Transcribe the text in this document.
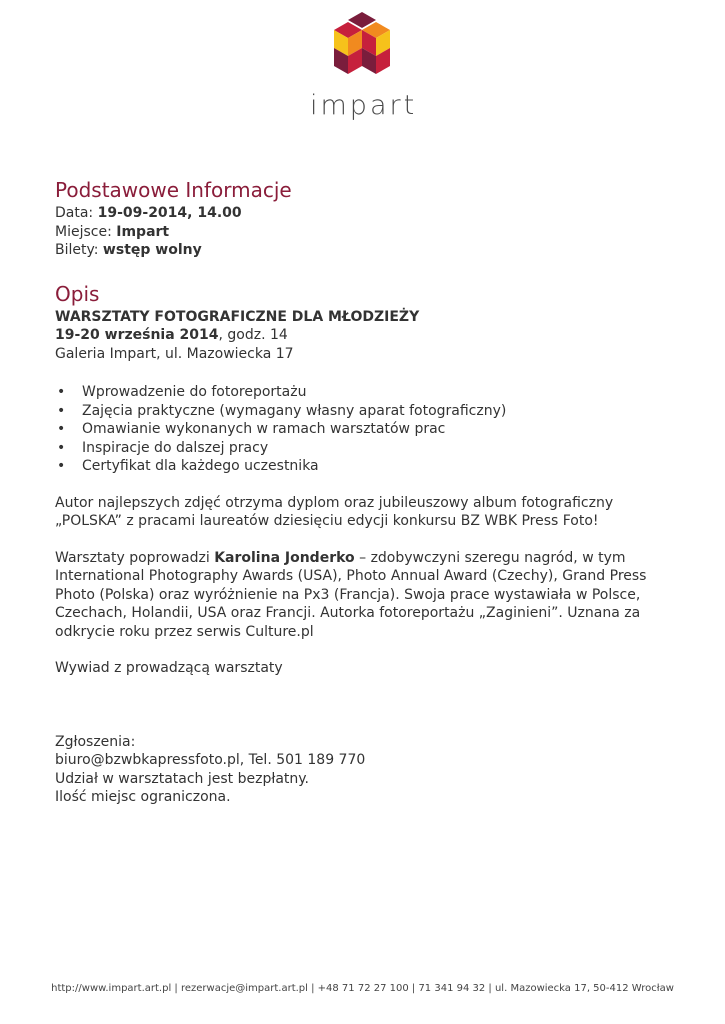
impart
Podstawowe Informacje
Data: 19-09-2014, 14.00
Miejsce: Impart
Bilety: wstęp wolny
Opis
WARSZTATY FOTOGRAFICZNE DLA MŁODZIEŻY
19-20 września 2014, godz. 14
Galeria Impart, ul. Mazowiecka 17
• Wprowadzenie do fotoreportażu
• Zajęcia praktyczne (wymagany własny aparat fotograficzny)
• Omawianie wykonanych w ramach warsztatów prac
• Inspiracje do dalszej pracy
• Certyfikat dla każdego uczestnika

Autor najlepszych zdjęć otrzyma dyplom oraz jubileuszowy album fotograficzny „POLSKA” z pracami laureatów dziesięciu edycji konkursu BZ WBK Press Foto!

Warsztaty poprowadzi Karolina Jonderko – zdobywczyni szeregu nagród, w tym International Photography Awards (USA), Photo Annual Award (Czechy), Grand Press Photo (Polska) oraz wyróżnienie na Px3 (Francja). Swoja prace wystawiała w Polsce, Czechach, Holandii, USA oraz Francji. Autorka fotoreportażu „Zaginieni”. Uznana za odkrycie roku przez serwis Culture.pl

Wywiad z prowadzącą warsztaty

Zgłoszenia:

biuro@bzwbkapressfoto.pl, Tel. 501 189 770

Udział w warsztatach jest bezpłatny.

Ilość miejsc ograniczona.

http://www.impart.art.pl | rezerwacje@impart.art.pl | +48 71 72 27 100 | 71 341 94 32 | ul. Mazowiecka 17, 50-412 Wrocław
